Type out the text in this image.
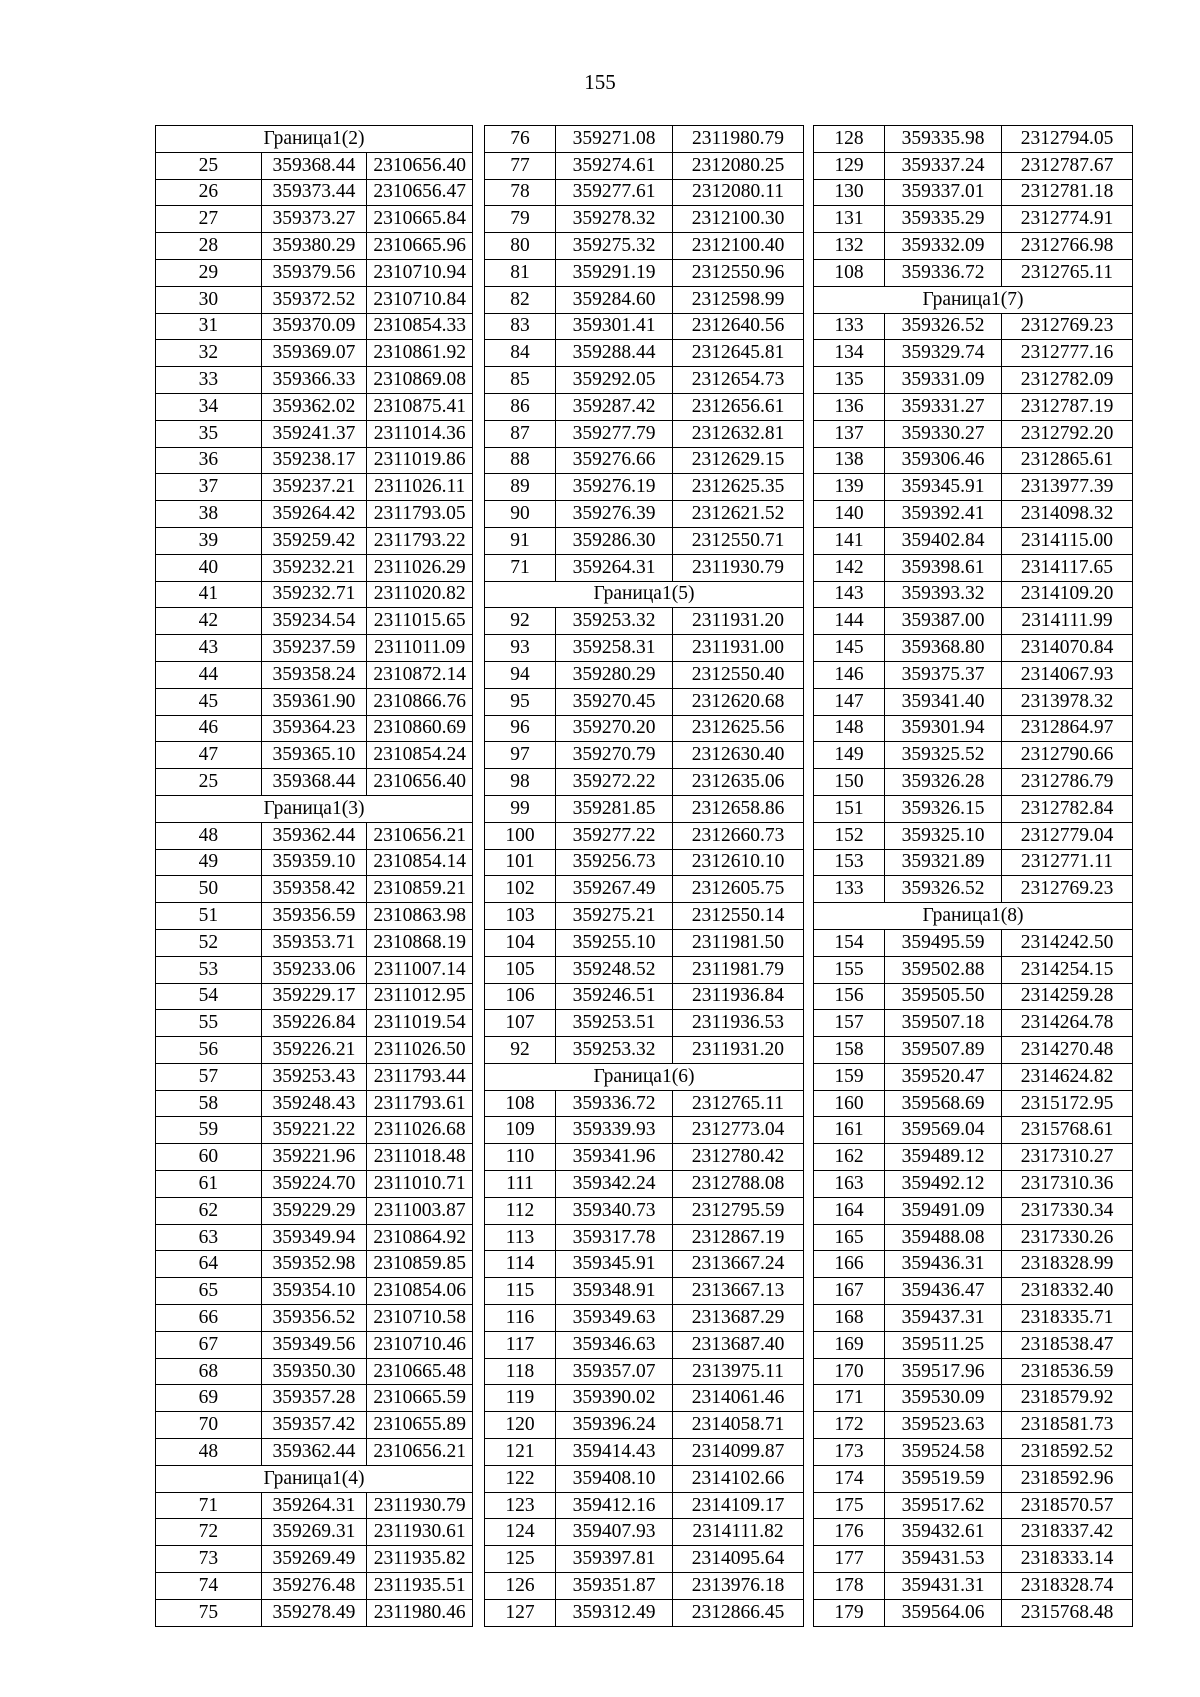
155
Граница1(2)		
25	359368.44	2310656.40
26	359373.44	2310656.47
27	359373.27	2310665.84
28	359380.29	2310665.96
29	359379.56	2310710.94
30	359372.52	2310710.84
31	359370.09	2310854.33
32	359369.07	2310861.92
33	359366.33	2310869.08
34	359362.02	2310875.41
35	359241.37	2311014.36
36	359238.17	2311019.86
37	359237.21	2311026.11
38	359264.42	2311793.05
39	359259.42	2311793.22
40	359232.21	2311026.29
41	359232.71	2311020.82
42	359234.54	2311015.65
43	359237.59	2311011.09
44	359358.24	2310872.14
45	359361.90	2310866.76
46	359364.23	2310860.69
47	359365.10	2310854.24
25	359368.44	2310656.40
Граница1(3)		
48	359362.44	2310656.21
49	359359.10	2310854.14
50	359358.42	2310859.21
51	359356.59	2310863.98
52	359353.71	2310868.19
53	359233.06	2311007.14
54	359229.17	2311012.95
55	359226.84	2311019.54
56	359226.21	2311026.50
57	359253.43	2311793.44
58	359248.43	2311793.61
59	359221.22	2311026.68
60	359221.96	2311018.48
61	359224.70	2311010.71
62	359229.29	2311003.87
63	359349.94	2310864.92
64	359352.98	2310859.85
65	359354.10	2310854.06
66	359356.52	2310710.58
67	359349.56	2310710.46
68	359350.30	2310665.48
69	359357.28	2310665.59
70	359357.42	2310655.89
48	359362.44	2310656.21
Граница1(4)		
71	359264.31	2311930.79
72	359269.31	2311930.61
73	359269.49	2311935.82
74	359276.48	2311935.51
75	359278.49	2311980.46
76	359271.08	2311980.79
77	359274.61	2312080.25
78	359277.61	2312080.11
79	359278.32	2312100.30
80	359275.32	2312100.40
81	359291.19	2312550.96
82	359284.60	2312598.99
83	359301.41	2312640.56
84	359288.44	2312645.81
85	359292.05	2312654.73
86	359287.42	2312656.61
87	359277.79	2312632.81
88	359276.66	2312629.15
89	359276.19	2312625.35
90	359276.39	2312621.52
91	359286.30	2312550.71
71	359264.31	2311930.79
Граница1(5)		
92	359253.32	2311931.20
93	359258.31	2311931.00
94	359280.29	2312550.40
95	359270.45	2312620.68
96	359270.20	2312625.56
97	359270.79	2312630.40
98	359272.22	2312635.06
99	359281.85	2312658.86
100	359277.22	2312660.73
101	359256.73	2312610.10
102	359267.49	2312605.75
103	359275.21	2312550.14
104	359255.10	2311981.50
105	359248.52	2311981.79
106	359246.51	2311936.84
107	359253.51	2311936.53
92	359253.32	2311931.20
Граница1(6)		
108	359336.72	2312765.11
109	359339.93	2312773.04
110	359341.96	2312780.42
111	359342.24	2312788.08
112	359340.73	2312795.59
113	359317.78	2312867.19
114	359345.91	2313667.24
115	359348.91	2313667.13
116	359349.63	2313687.29
117	359346.63	2313687.40
118	359357.07	2313975.11
119	359390.02	2314061.46
120	359396.24	2314058.71
121	359414.43	2314099.87
122	359408.10	2314102.66
123	359412.16	2314109.17
124	359407.93	2314111.82
125	359397.81	2314095.64
126	359351.87	2313976.18
127	359312.49	2312866.45
128	359335.98	2312794.05
129	359337.24	2312787.67
130	359337.01	2312781.18
131	359335.29	2312774.91
132	359332.09	2312766.98
108	359336.72	2312765.11
Граница1(7)		
133	359326.52	2312769.23
134	359329.74	2312777.16
135	359331.09	2312782.09
136	359331.27	2312787.19
137	359330.27	2312792.20
138	359306.46	2312865.61
139	359345.91	2313977.39
140	359392.41	2314098.32
141	359402.84	2314115.00
142	359398.61	2314117.65
143	359393.32	2314109.20
144	359387.00	2314111.99
145	359368.80	2314070.84
146	359375.37	2314067.93
147	359341.40	2313978.32
148	359301.94	2312864.97
149	359325.52	2312790.66
150	359326.28	2312786.79
151	359326.15	2312782.84
152	359325.10	2312779.04
153	359321.89	2312771.11
133	359326.52	2312769.23
Граница1(8)		
154	359495.59	2314242.50
155	359502.88	2314254.15
156	359505.50	2314259.28
157	359507.18	2314264.78
158	359507.89	2314270.48
159	359520.47	2314624.82
160	359568.69	2315172.95
161	359569.04	2315768.61
162	359489.12	2317310.27
163	359492.12	2317310.36
164	359491.09	2317330.34
165	359488.08	2317330.26
166	359436.31	2318328.99
167	359436.47	2318332.40
168	359437.31	2318335.71
169	359511.25	2318538.47
170	359517.96	2318536.59
171	359530.09	2318579.92
172	359523.63	2318581.73
173	359524.58	2318592.52
174	359519.59	2318592.96
175	359517.62	2318570.57
176	359432.61	2318337.42
177	359431.53	2318333.14
178	359431.31	2318328.74
179	359564.06	2315768.48
